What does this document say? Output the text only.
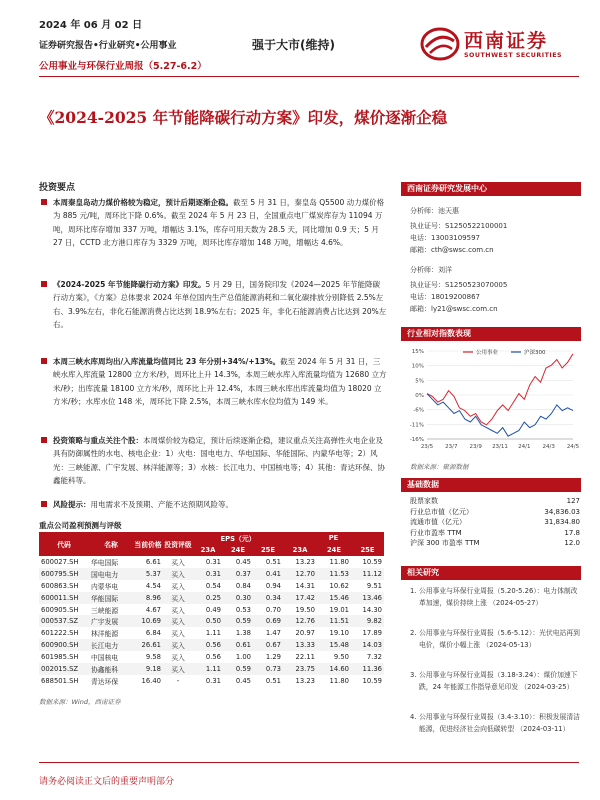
2024 年 06 月 02 日
证券研究报告•行业研究•公用事业
公用事业与环保行业周报（5.27-6.2）
强于大市(维持)	西南证券
SOUTHWEST SECURITIES
《2024-2025 年节能降碳行动方案》印发，煤价逐渐企稳
投资要点
本周秦皇岛动力煤价格较为稳定，预计后期逐渐企稳。截至 5 月 31 日，秦皇岛 Q5500 动力煤价格为 885 元/吨，周环比下降 0.6%。截至 2024 年 5 月 23 日，全国重点电厂煤炭库存为 11094 万吨，周环比库存增加 337 万吨，增幅达 3.1%，库存可用天数为 28.5 天，同比增加 0.9 天；5 月 27 日，CCTD 北方港口库存为 3329 万吨，周环比库存增加 148 万吨，增幅达 4.6%。
《2024-2025 年节能降碳行动方案》印发。5 月 29 日，国务院印发《2024—2025 年节能降碳行动方案》，《方案》总体要求 2024 年单位国内生产总值能源消耗和二氧化碳排放分别降低 2.5%左右、3.9%左右，非化石能源消费占比达到 18.9%左右；2025 年，非化石能源消费占比达到 20%左右。
本周三峡水库周均出/入库流量均值同比 23 年分别+34%/+13%。截至 2024 年 5 月 31 日，三峡水库入库流量 12800 立方米/秒，周环比上升 14.3%，本周三峡水库入库流量均值为 12680 立方米/秒；出库流量 18100 立方米/秒，周环比上升 12.4%，本周三峡水库出库流量均值为 18020 立方米/秒；水库水位 148 米，周环比下降 2.5%，本周三峡水库水位均值为 149 米。
投资策略与重点关注个股：本周煤价较为稳定，预计后续逐渐企稳，建议重点关注高弹性火电企业及具有防御属性的水电、核电企业：1）火电：国电电力、华电国际、华能国际、内蒙华电等；2）风光：三峡能源、广宇发展、林洋能源等；3）水核：长江电力、中国核电等；4）其他：青达环保、协鑫能科等。
风险提示：用电需求不及预期、产能不达预期风险等。
重点公司盈利预测与评级
代码	名称	当前价格	投资评级	EPS（元）			PE		
				23A	24E	25E	23A	24E	25E
600027.SH	华电国际	6.61	买入	0.31	0.45	0.51	13.23	11.80	10.59
600795.SH	国电电力	5.37	买入	0.31	0.37	0.41	12.70	11.53	11.12
600863.SH	内蒙华电	4.54	买入	0.54	0.84	0.94	14.31	10.62	9.51
600011.SH	华能国际	8.96	买入	0.25	0.30	0.34	17.42	15.46	13.46
600905.SH	三峡能源	4.67	买入	0.49	0.53	0.70	19.50	19.01	14.30
000537.SZ	广宇发展	10.69	买入	0.50	0.59	0.69	12.76	11.51	9.82
601222.SH	林洋能源	6.84	买入	1.11	1.38	1.47	20.97	19.10	17.89
600900.SH	长江电力	26.61	买入	0.56	0.61	0.67	13.33	15.48	14.03
601985.SH	中国核电	9.58	买入	0.56	1.00	1.29	22.11	9.50	7.32
002015.SZ	协鑫能科	9.18	买入	1.11	0.59	0.73	23.75	14.60	11.36
688501.SH	青达环保	16.40	-	0.31	0.45	0.51	13.23	11.80	10.59
数据来源：Wind，西南证券
西南证券研究发展中心
分析师：池天惠
执业证号：S1250522100001
电话：13003109597
邮箱：cth@swsc.com.cn
分析师：刘洋
执业证号：S1250523070005
电话：18019200867
邮箱：ly21@swsc.com.cn
行业相对指数表现
15%
10%
5%
0%
-6%
-11%
-16%
23/5 23/7 23/9 23/11 24/1 24/3 24/5
公用事业	沪深300
数据来源：聚源数据
基础数据
股票家数	127
行业总市值（亿元）	34,836.03
流通市值（亿元）	31,834.80
行业市盈率 TTM	17.8
沪深 300 市盈率 TTM	12.0
相关研究
1. 公用事业与环保行业周报（5.20-5.26）：电力体制改革加速，煤价持续上涨 （2024-05-27）
2. 公用事业与环保行业周报（5.6-5.12）：光伏电站再到电价，煤价小幅上涨 （2024-05-13）
3. 公用事业与环保行业周报（3.18-3.24）：煤价加速下跌，24 年能源工作指导意见印发 （2024-03-25）
4. 公用事业与环保行业周报（3.4-3.10）：积极发展清洁能源，促进经济社会向低碳转型 （2024-03-11）
请务必阅读正文后的重要声明部分
